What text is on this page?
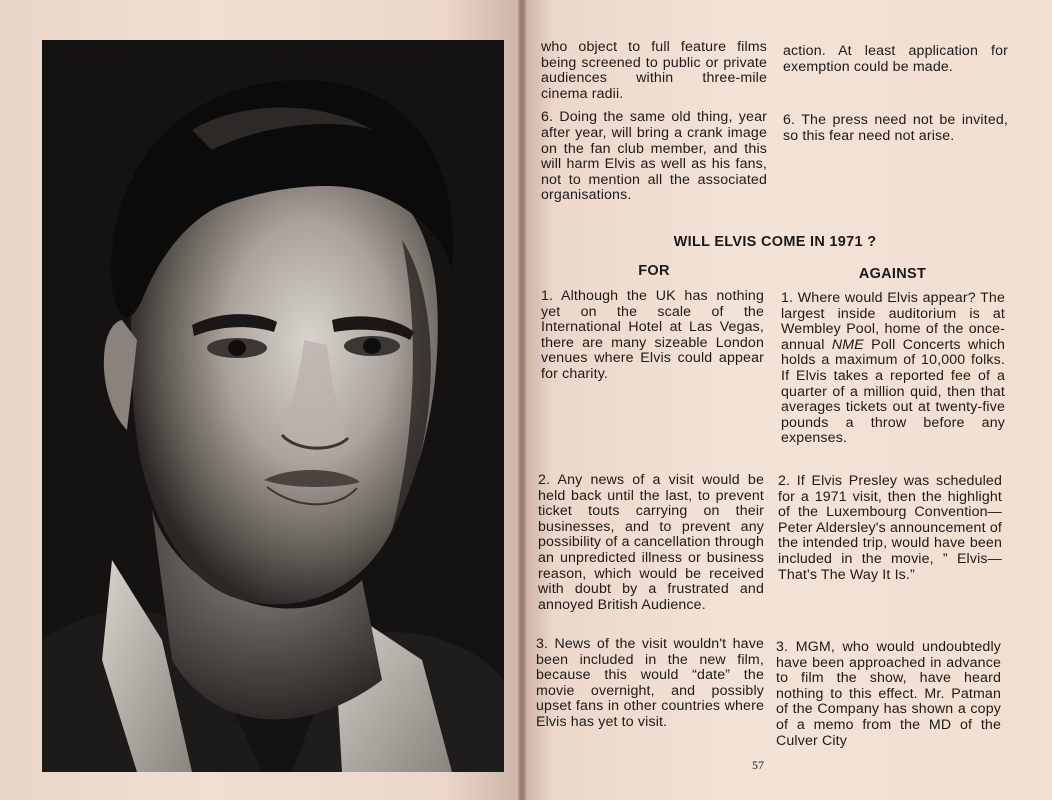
who object to full feature films being screened to public or private audiences within three-mile cinema radii.

6. Doing the same old thing, year after year, will bring a crank image on the fan club member, and this will harm Elvis as well as his fans, not to mention all the associated organisations.

action. At least application for exemption could be made.

6. The press need not be invited, so this fear need not arise.

WILL ELVIS COME IN 1971 ?
FOR	AGAINST
1. Although the UK has nothing yet on the scale of the International Hotel at Las Vegas, there are many sizeable London venues where Elvis could appear for charity.
2. Any news of a visit would be held back until the last, to prevent ticket touts carrying on their businesses, and to prevent any possibility of a cancellation through an unpredicted illness or business reason, which would be received with doubt by a frustrated and annoyed British Audience.
3. News of the visit wouldn't have been included in the new film, because this would “date” the movie overnight, and possibly upset fans in other countries where Elvis has yet to visit.
1. Where would Elvis appear? The largest inside auditorium is at Wembley Pool, home of the once-annual NME Poll Concerts which holds a maximum of 10,000 folks. If Elvis takes a reported fee of a quarter of a million quid, then that averages tickets out at twenty-five pounds a throw before any expenses.
2. If Elvis Presley was scheduled for a 1971 visit, then the highlight of the Luxembourg Convention—Peter Aldersley's announcement of the intended trip, would have been included in the movie, ” Elvis—That's The Way It Is.”
3. MGM, who would undoubtedly have been approached in advance to film the show, have heard nothing to this effect. Mr. Patman of the Company has shown a copy of a memo from the MD of the Culver City
57
